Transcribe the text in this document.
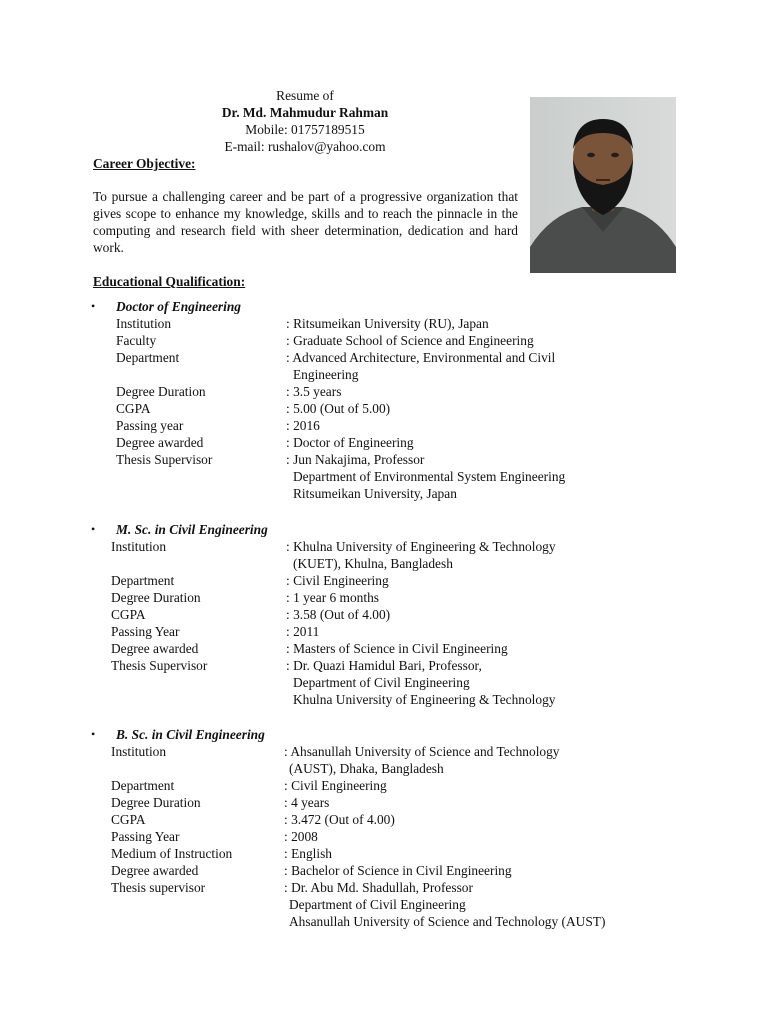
Resume of
Dr. Md. Mahmudur Rahman
Mobile: 01757189515
E-mail: rushalov@yahoo.com
Career Objective:
To pursue a challenging career and be part of a progressive organization that gives scope to enhance my knowledge, skills and to reach the pinnacle in the computing and research field with sheer determination, dedication and hard work.
Educational Qualification:
• Doctor of Engineering
Institution	: Ritsumeikan University (RU), Japan
Faculty	: Graduate School of Science and Engineering
Department	: Advanced Architecture, Environmental and Civil
Engineering
Degree Duration	: 3.5 years
CGPA	: 5.00 (Out of 5.00)
Passing year	: 2016
Degree awarded	: Doctor of Engineering
Thesis Supervisor	: Jun Nakajima, Professor
Department of Environmental System Engineering
Ritsumeikan University, Japan
• M. Sc. in Civil Engineering
Institution	: Khulna University of Engineering & Technology
(KUET), Khulna, Bangladesh
Department	: Civil Engineering
Degree Duration	: 1 year 6 months
CGPA	: 3.58 (Out of 4.00)
Passing Year	: 2011
Degree awarded	: Masters of Science in Civil Engineering
Thesis Supervisor	: Dr. Quazi Hamidul Bari, Professor,
Department of Civil Engineering
Khulna University of Engineering & Technology
• B. Sc. in Civil Engineering
Institution	: Ahsanullah University of Science and Technology
(AUST), Dhaka, Bangladesh
Department	: Civil Engineering
Degree Duration	: 4 years
CGPA	: 3.472 (Out of 4.00)
Passing Year	: 2008
Medium of Instruction	: English
Degree awarded	: Bachelor of Science in Civil Engineering
Thesis supervisor	: Dr. Abu Md. Shadullah, Professor
Department of Civil Engineering
Ahsanullah University of Science and Technology (AUST)
